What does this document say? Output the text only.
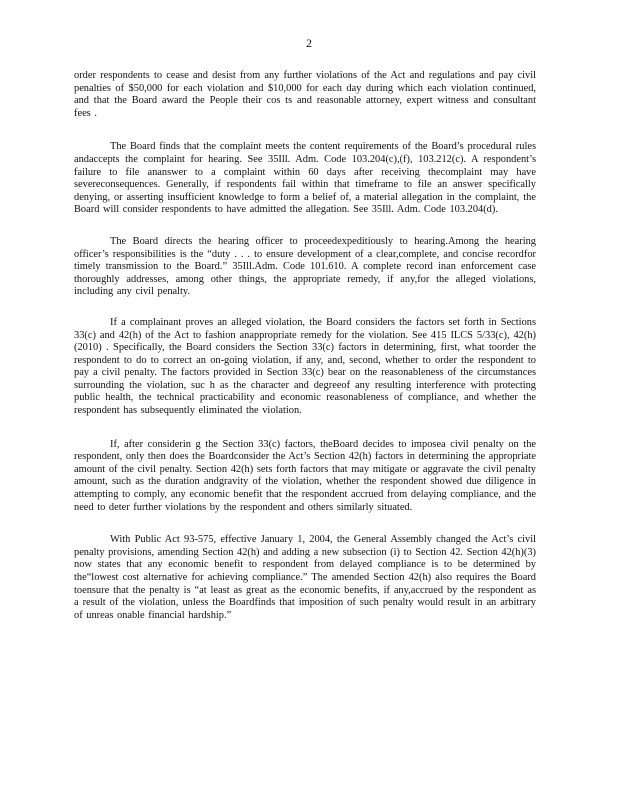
2

order respondents to cease and desist from any further violations of the Act and regulations and pay civil penalties of $50,000 for each violation and $10,000 for each day during which each violation continued, and that the Board award the People their cos ts and reasonable attorney, expert witness and consultant fees .

The Board finds that the complaint meets the content requirements of the Board’s procedural rules andaccepts the complaint for hearing. See 35Ill. Adm. Code 103.204(c),(f), 103.212(c). A respondent’s failure to file ananswer to a complaint within 60 days after receiving thecomplaint may have severeconsequences. Generally, if respondents fail within that timeframe to file an answer specifically denying, or asserting insufficient knowledge to form a belief of, a material allegation in the complaint, the Board will consider respondents to have admitted the allegation. See 35Ill. Adm. Code 103.204(d).

The Board directs the hearing officer to proceedexpeditiously to hearing.Among the hearing officer’s responsibilities is the “duty . . . to ensure development of a clear,complete, and concise recordfor timely transmission to the Board.” 35Ill.Adm. Code 101.610. A complete record inan enforcement case thoroughly addresses, among other things, the appropriate remedy, if any,for the alleged violations, including any civil penalty.

If a complainant proves an alleged violation, the Board considers the factors set forth in Sections 33(c) and 42(h) of the Act to fashion anappropriate remedy for the violation. See 415 ILCS 5/33(c), 42(h) (2010) . Specifically, the Board considers the Section 33(c) factors in determining, first, what toorder the respondent to do to correct an on-going violation, if any, and, second, whether to order the respondent to pay a civil penalty. The factors provided in Section 33(c) bear on the reasonableness of the circumstances surrounding the violation, suc h as the character and degreeof any resulting interference with protecting public health, the technical practicability and economic reasonableness of compliance, and whether the respondent has subsequently eliminated the violation.

If, after considerin g the Section 33(c) factors, theBoard decides to imposea civil penalty on the respondent, only then does the Boardconsider the Act’s Section 42(h) factors in determining the appropriate amount of the civil penalty. Section 42(h) sets forth factors that may mitigate or aggravate the civil penalty amount, such as the duration andgravity of the violation, whether the respondent showed due diligence in attempting to comply, any economic benefit that the respondent accrued from delaying compliance, and the need to deter further violations by the respondent and others similarly situated.

With Public Act 93-575, effective January 1, 2004, the General Assembly changed the Act’s civil penalty provisions, amending Section 42(h) and adding a new subsection (i) to Section 42. Section 42(h)(3) now states that any economic benefit to respondent from delayed compliance is to be determined by the“lowest cost alternative for achieving compliance.” The amended Section 42(h) also requires the Board toensure that the penalty is “at least as great as the economic benefits, if any,accrued by the respondent as a result of the violation, unless the Boardfinds that imposition of such penalty would result in an arbitrary of unreas onable financial hardship.”
